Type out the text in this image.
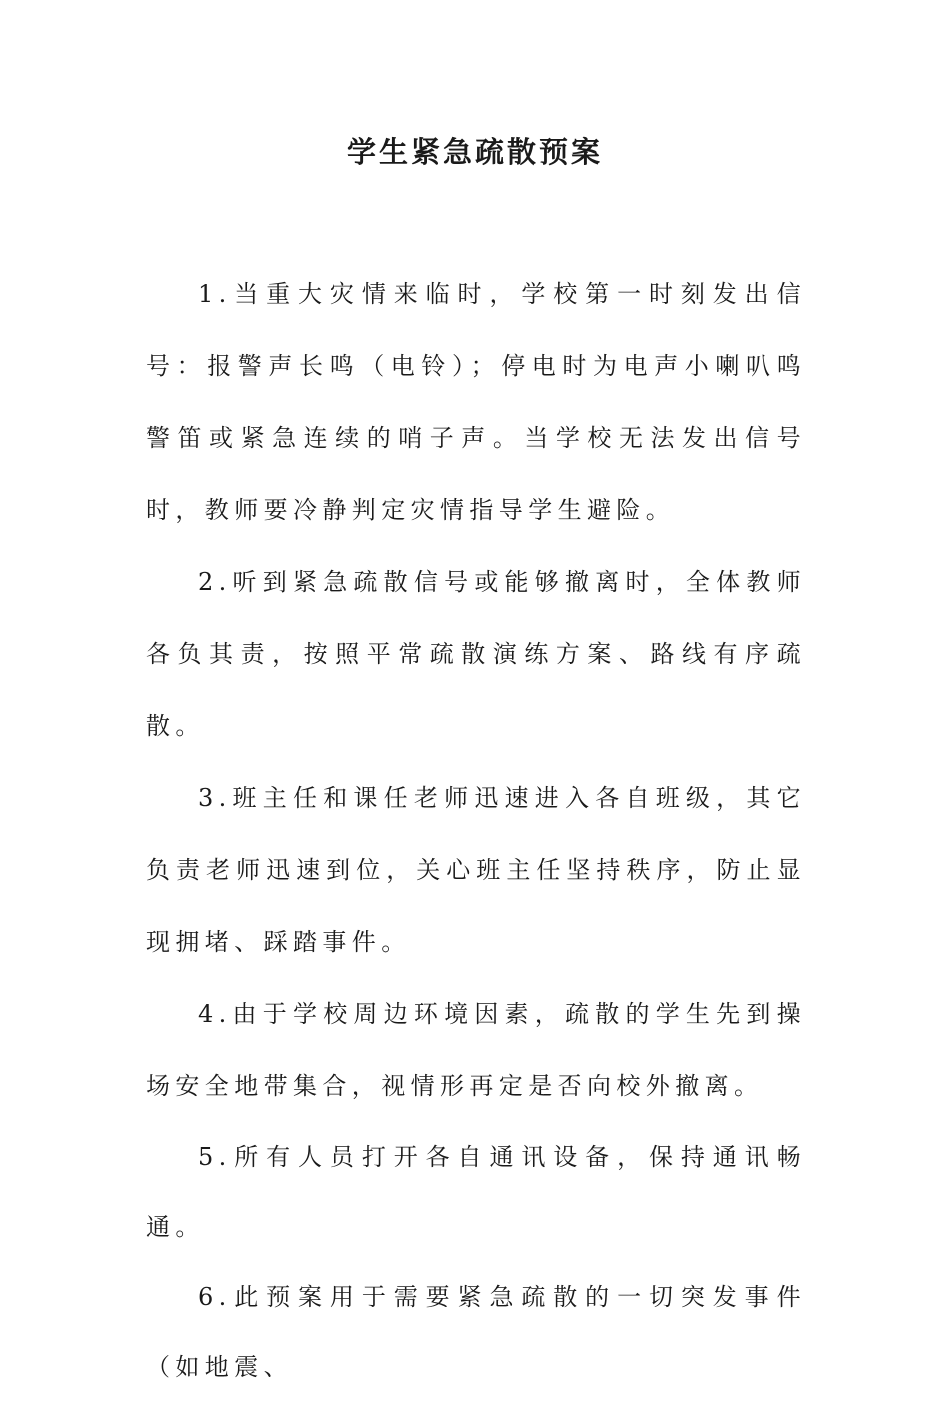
学生紧急疏散预案

1.当重大灾情来临时，学校第一时刻发出信号：报警声长鸣（电铃）；停电时为电声小喇叭鸣警笛或紧急连续的哨子声。当学校无法发出信号时，教师要冷静判定灾情指导学生避险。

2.听到紧急疏散信号或能够撤离时，全体教师各负其责，按照平常疏散演练方案、路线有序疏散。

3.班主任和课任老师迅速进入各自班级，其它负责老师迅速到位，关心班主任坚持秩序，防止显现拥堵、踩踏事件。

4.由于学校周边环境因素，疏散的学生先到操场安全地带集合，视情形再定是否向校外撤离。

5.所有人员打开各自通讯设备，保持通讯畅通。

6.此预案用于需要紧急疏散的一切突发事件（如地震、
